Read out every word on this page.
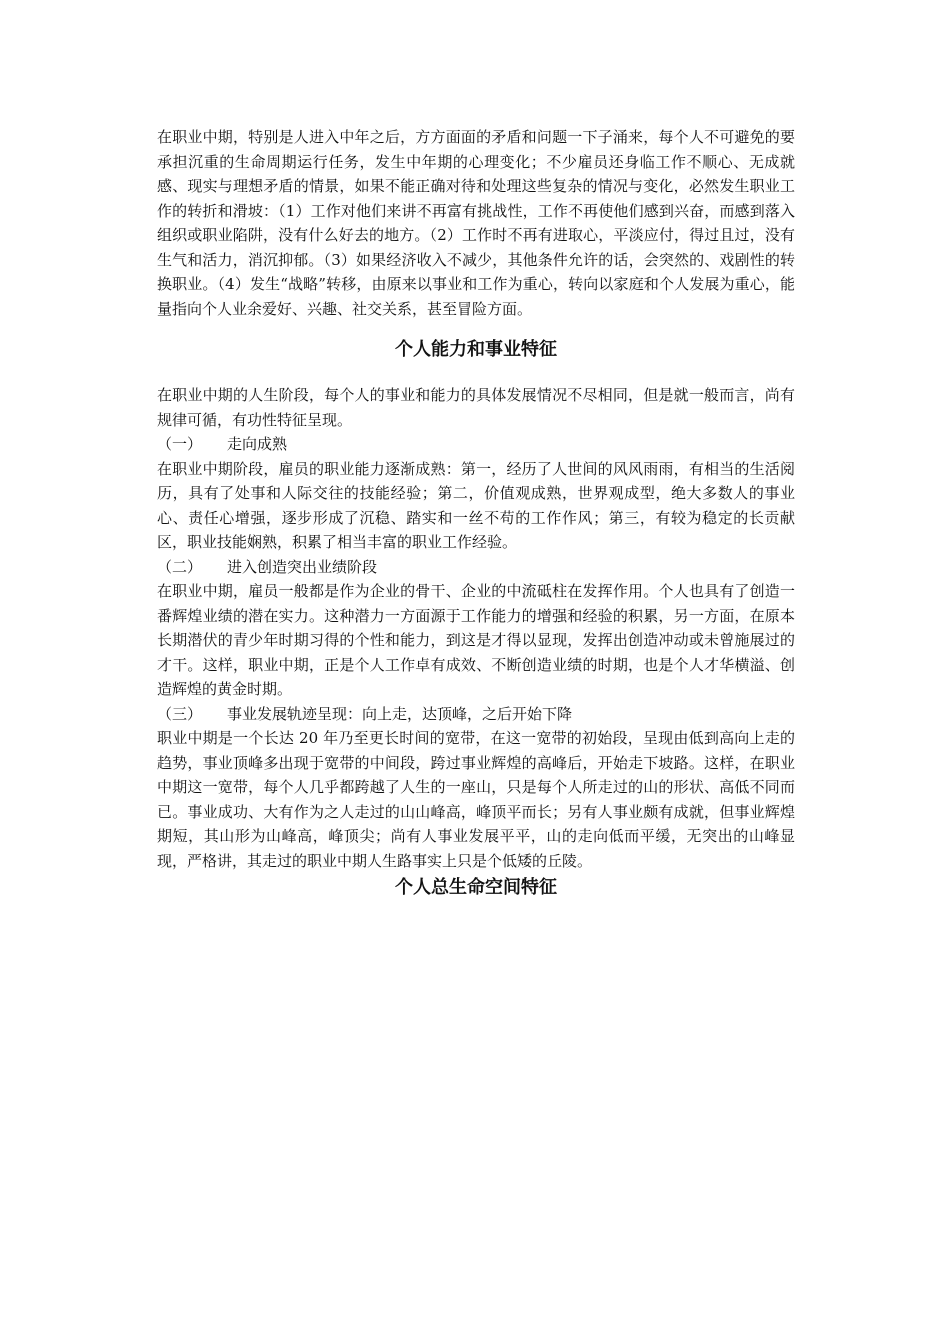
在职业中期，特别是人进入中年之后，方方面面的矛盾和问题一下子涌来，每个人不可避免的要承担沉重的生命周期运行任务，发生中年期的心理变化；不少雇员还身临工作不顺心、无成就感、现实与理想矛盾的情景，如果不能正确对待和处理这些复杂的情况与变化，必然发生职业工作的转折和滑坡：（1）工作对他们来讲不再富有挑战性，工作不再使他们感到兴奋，而感到落入组织或职业陷阱，没有什么好去的地方。（2）工作时不再有进取心，平淡应付，得过且过，没有生气和活力，消沉抑郁。（3）如果经济收入不减少，其他条件允许的话，会突然的、戏剧性的转换职业。（4）发生“战略”转移，由原来以事业和工作为重心，转向以家庭和个人发展为重心，能量指向个人业余爱好、兴趣、社交关系，甚至冒险方面。

个人能力和事业特征

在职业中期的人生阶段，每个人的事业和能力的具体发展情况不尽相同，但是就一般而言，尚有规律可循，有功性特征呈现。

（一） 走向成熟

在职业中期阶段，雇员的职业能力逐渐成熟：第一，经历了人世间的风风雨雨，有相当的生活阅历，具有了处事和人际交往的技能经验；第二，价值观成熟，世界观成型，绝大多数人的事业心、责任心增强，逐步形成了沉稳、踏实和一丝不苟的工作作风；第三，有较为稳定的长贡献区，职业技能娴熟，积累了相当丰富的职业工作经验。

（二） 进入创造突出业绩阶段

在职业中期，雇员一般都是作为企业的骨干、企业的中流砥柱在发挥作用。个人也具有了创造一番辉煌业绩的潜在实力。这种潜力一方面源于工作能力的增强和经验的积累，另一方面，在原本长期潜伏的青少年时期习得的个性和能力，到这是才得以显现，发挥出创造冲动或未曾施展过的才干。这样，职业中期，正是个人工作卓有成效、不断创造业绩的时期，也是个人才华横溢、创造辉煌的黄金时期。

（三） 事业发展轨迹呈现：向上走，达顶峰，之后开始下降

职业中期是一个长达 20 年乃至更长时间的宽带，在这一宽带的初始段，呈现由低到高向上走的趋势，事业顶峰多出现于宽带的中间段，跨过事业辉煌的高峰后，开始走下坡路。这样，在职业中期这一宽带，每个人几乎都跨越了人生的一座山，只是每个人所走过的山的形状、高低不同而已。事业成功、大有作为之人走过的山山峰高，峰顶平而长；另有人事业颇有成就，但事业辉煌期短，其山形为山峰高，峰顶尖；尚有人事业发展平平，山的走向低而平缓，无突出的山峰显现，严格讲，其走过的职业中期人生路事实上只是个低矮的丘陵。

个人总生命空间特征
